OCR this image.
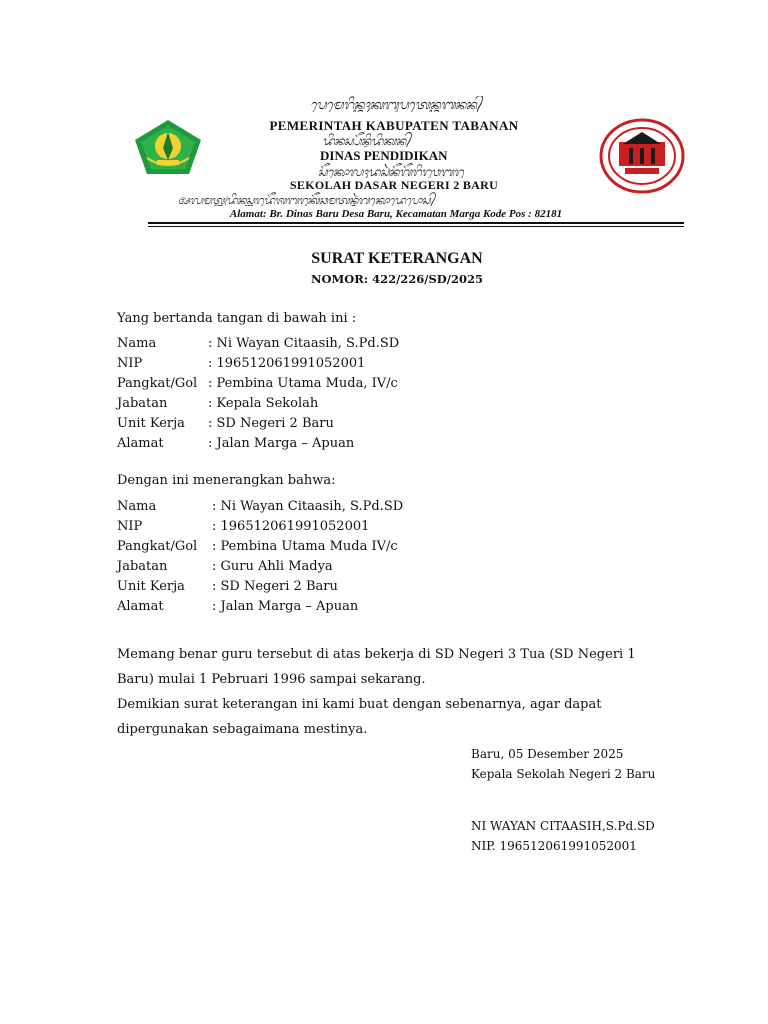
ᬧᬾᬫᬾᬭᬶᬦ᭄ᬢᬄᬓᬩᬸᬧᬢᬾᬦ᭄ᬢᬩᬦᬦ᭄
PEMERINTAH KABUPATEN TABANAN
ᬤᬶᬦᬲ᭄ᬧᭂᬦ᭄ᬤᬶᬤᬶᬓᬦ᭄
DINAS PENDIDIKAN
ᬲᭂᬓᭀᬮᬄᬤᬲᬃᬦᭂᬕᭂᬭᬶᬭᬸᬯᬩᬭᬸ
SEKOLAH DASAR NEGERI 2 BARU
ᬅᬮᬫᬢ᭄ᬩᬺᬤᬶᬦᬲ᭄ᬩᬭᬸᬤᭂᬰᬩᬭᬸᬓᭂᬘᬫᬢᬦ᭄ᬫᬃᬕᬓᭀᬤᬾᬧᭀᬲ᭄
Alamat: Br. Dinas Baru Desa Baru, Kecamatan Marga Kode Pos : 82181
SURAT KETERANGAN
NOMOR: 422/226/SD/2025
Yang bertanda tangan di bawah ini :
Nama	: Ni Wayan Citaasih, S.Pd.SD
NIP	: 196512061991052001
Pangkat/Gol : Pembina Utama Muda, IV/c
Jabatan	: Kepala Sekolah
Unit Kerja : SD Negeri 2 Baru
Alamat	: Jalan Marga – Apuan
Dengan ini menerangkan bahwa:
Nama	: Ni Wayan Citaasih, S.Pd.SD
NIP	: 196512061991052001
Pangkat/Gol : Pembina Utama Muda IV/c
Jabatan	: Guru Ahli Madya
Unit Kerja : SD Negeri 2 Baru
Alamat	: Jalan Marga – Apuan
Memang benar guru tersebut di atas bekerja di SD Negeri 3 Tua (SD Negeri 1
Baru) mulai 1 Pebruari 1996 sampai sekarang.
Demikian surat keterangan ini kami buat dengan sebenarnya, agar dapat
dipergunakan sebagaimana mestinya.
Baru, 05 Desember 2025
Kepala Sekolah Negeri 2 Baru
NI WAYAN CITAASIH,S.Pd.SD
NIP. 196512061991052001
